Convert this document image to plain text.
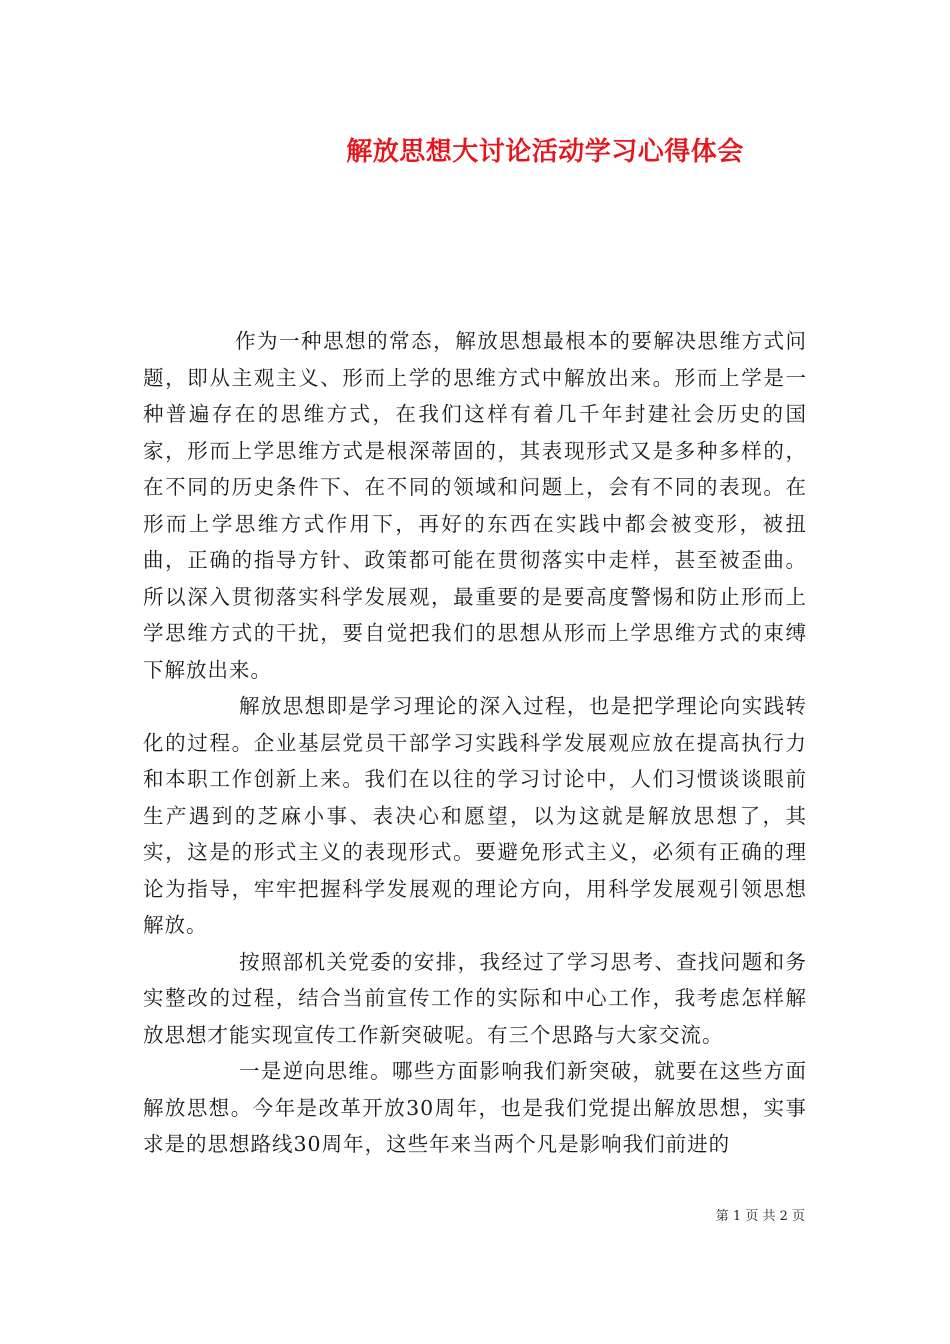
解放思想大讨论活动学习心得体会

作为一种思想的常态，解放思想最根本的要解决思维方式问题，即从主观主义、形而上学的思维方式中解放出来。形而上学是一种普遍存在的思维方式，在我们这样有着几千年封建社会历史的国家，形而上学思维方式是根深蒂固的，其表现形式又是多种多样的，在不同的历史条件下、在不同的领域和问题上，会有不同的表现。在形而上学思维方式作用下，再好的东西在实践中都会被变形，被扭曲，正确的指导方针、政策都可能在贯彻落实中走样，甚至被歪曲。所以深入贯彻落实科学发展观，最重要的是要高度警惕和防止形而上学思维方式的干扰，要自觉把我们的思想从形而上学思维方式的束缚下解放出来。

解放思想即是学习理论的深入过程，也是把学理论向实践转化的过程。企业基层党员干部学习实践科学发展观应放在提高执行力和本职工作创新上来。我们在以往的学习讨论中，人们习惯谈谈眼前生产遇到的芝麻小事、表决心和愿望，以为这就是解放思想了，其实，这是的形式主义的表现形式。要避免形式主义，必须有正确的理论为指导，牢牢把握科学发展观的理论方向，用科学发展观引领思想解放。

按照部机关党委的安排，我经过了学习思考、查找问题和务实整改的过程，结合当前宣传工作的实际和中心工作，我考虑怎样解放思想才能实现宣传工作新突破呢。有三个思路与大家交流。

一是逆向思维。哪些方面影响我们新突破，就要在这些方面解放思想。今年是改革开放30周年，也是我们党提出解放思想，实事求是的思想路线30周年，这些年来当两个凡是影响我们前进的

第 1 页 共 2 页
